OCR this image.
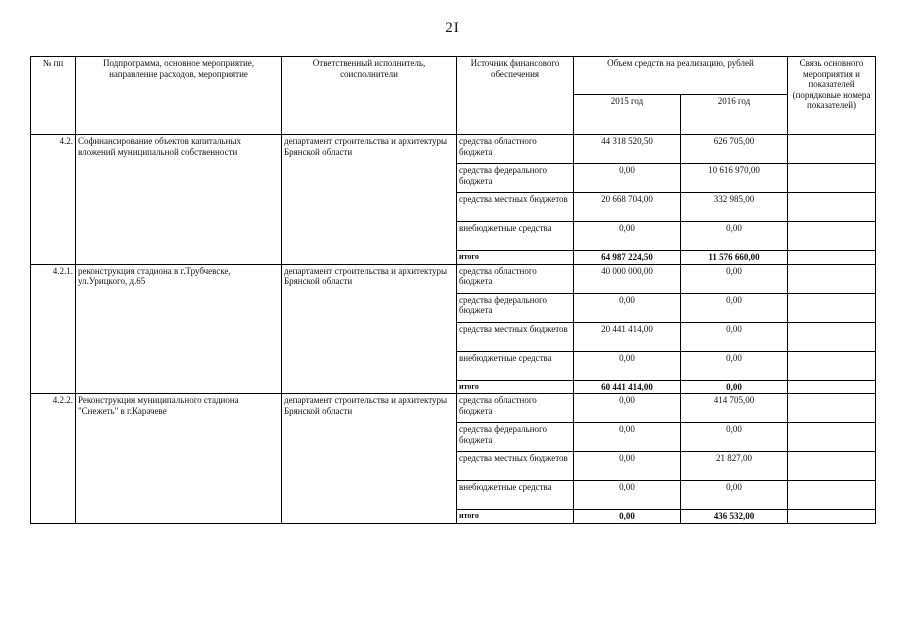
2I
№ пп	Подпрограмма, основное мероприятие, направление расходов, мероприятие	Ответственный исполнитель, соисполнители	Источник финансового обеспечения	Объем средств на реализацию, рублей		Связь основного мероприятия и показателей (порядковые номера показателей)
				2015 год	2016 год	
4.2.	Софинансирование объектов капитальных вложений муниципальной собственности	департамент строительства и архитектуры Брянской области	средства областного бюджета	44 318 520,50	626 705,00	
			средства федерального бюджета	0,00	10 616 970,00	
			средства местных бюджетов	20 668 704,00	332 985,00	
			внебюджетные средства	0,00	0,00	
			итого	64 987 224,50	11 576 660,00	
4.2.1.	реконструкция стадиона в г.Трубчевске, ул.Урицкого, д.65	департамент строительства и архитектуры Брянской области	средства областного бюджета	40 000 000,00	0,00	
			средства федерального бюджета	0,00	0,00	
			средства местных бюджетов	20 441 414,00	0,00	
			внебюджетные средства	0,00	0,00	
			итого	60 441 414,00	0,00	
4.2.2.	Реконструкция муниципального стадиона "Снежеть" в г.Карачеве	департамент строительства и архитектуры Брянской области	средства областного бюджета	0,00	414 705,00	
			средства федерального бюджета	0,00	0,00	
			средства местных бюджетов	0,00	21 827,00	
			внебюджетные средства	0,00	0,00	
			итого	0,00	436 532,00	
